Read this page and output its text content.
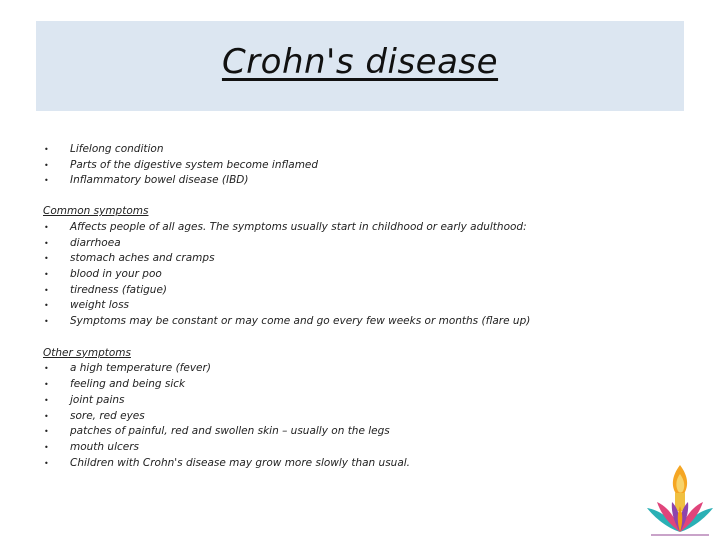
Crohn's disease
• Lifelong condition
• Parts of the digestive system become inflamed
• Inflammatory bowel disease (IBD)
Common symptoms
• Affects people of all ages. The symptoms usually start in childhood or early adulthood:
• diarrhoea
• stomach aches and cramps
• blood in your poo
• tiredness (fatigue)
• weight loss
• Symptoms may be constant or may come and go every few weeks or months (flare up)
Other symptoms
• a high temperature (fever)
• feeling and being sick
• joint pains
• sore, red eyes
• patches of painful, red and swollen skin – usually on the legs
• mouth ulcers
• Children with Crohn's disease may grow more slowly than usual.
